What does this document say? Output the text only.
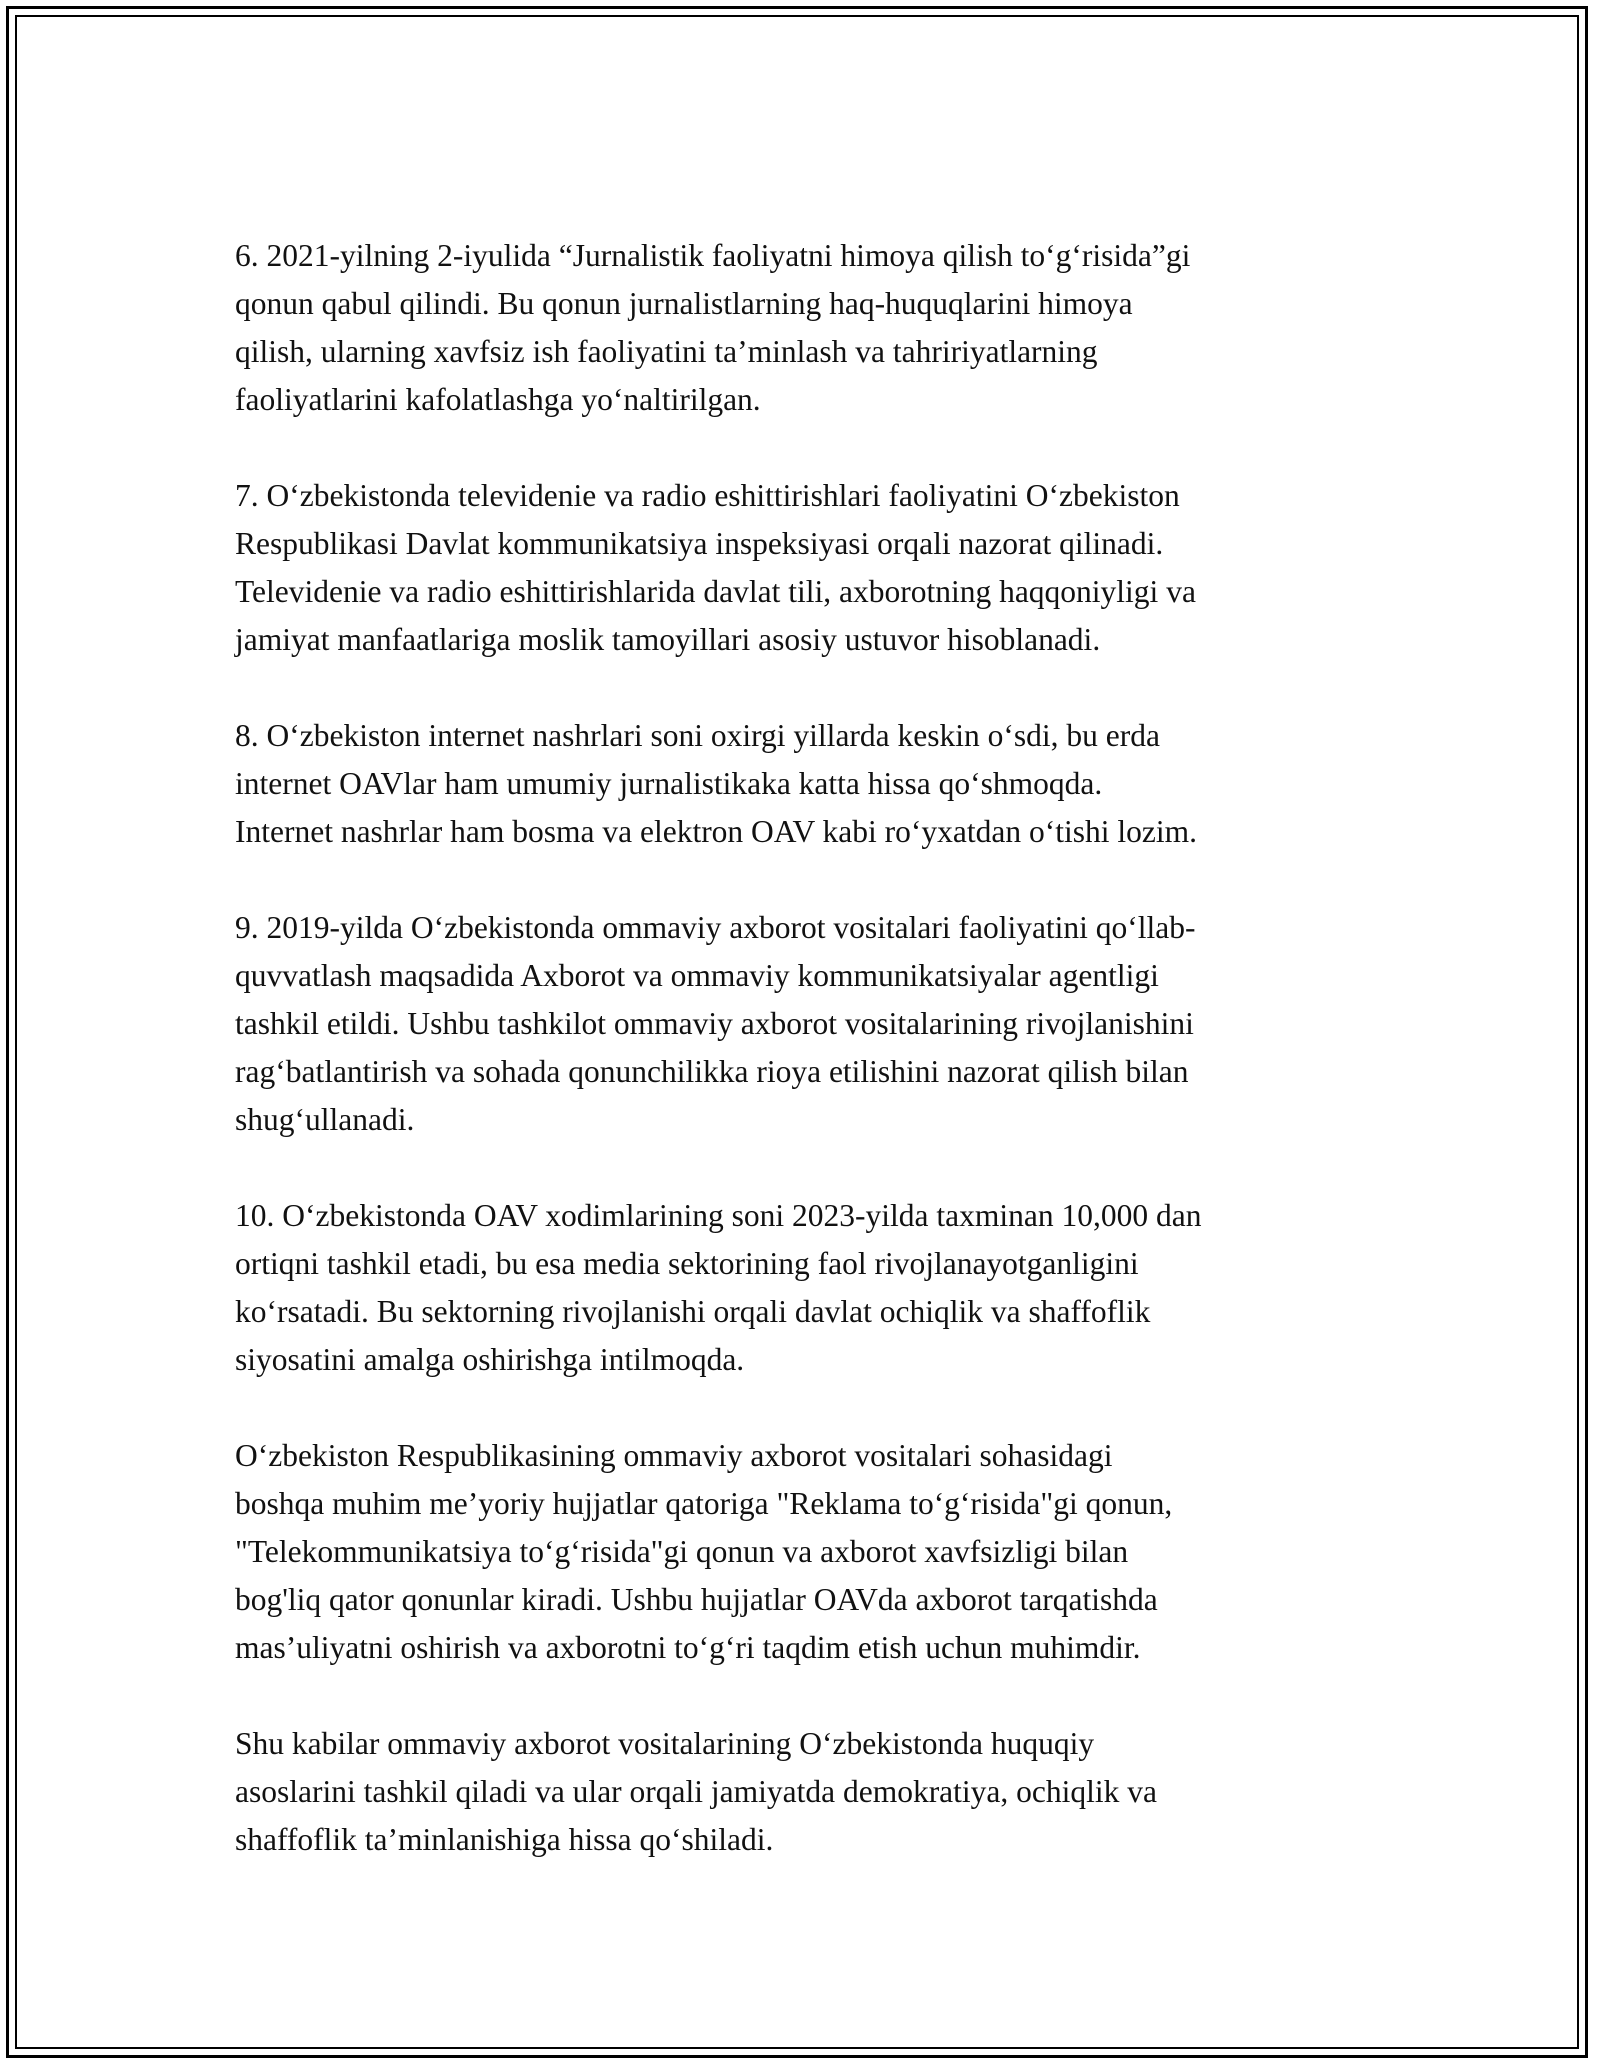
6. 2021-yilning 2-iyulida “Jurnalistik faoliyatni himoya qilish to‘g‘risida”gi
qonun qabul qilindi. Bu qonun jurnalistlarning haq-huquqlarini himoya
qilish, ularning xavfsiz ish faoliyatini ta’minlash va tahririyatlarning
faoliyatlarini kafolatlashga yo‘naltirilgan.

7. O‘zbekistonda televidenie va radio eshittirishlari faoliyatini O‘zbekiston
Respublikasi Davlat kommunikatsiya inspeksiyasi orqali nazorat qilinadi.
Televidenie va radio eshittirishlarida davlat tili, axborotning haqqoniyligi va
jamiyat manfaatlariga moslik tamoyillari asosiy ustuvor hisoblanadi.

8. O‘zbekiston internet nashrlari soni oxirgi yillarda keskin o‘sdi, bu erda
internet OAVlar ham umumiy jurnalistikaka katta hissa qo‘shmoqda.
Internet nashrlar ham bosma va elektron OAV kabi ro‘yxatdan o‘tishi lozim.

9. 2019-yilda O‘zbekistonda ommaviy axborot vositalari faoliyatini qo‘llab-
quvvatlash maqsadida Axborot va ommaviy kommunikatsiyalar agentligi
tashkil etildi. Ushbu tashkilot ommaviy axborot vositalarining rivojlanishini
rag‘batlantirish va sohada qonunchilikka rioya etilishini nazorat qilish bilan
shug‘ullanadi.

10. O‘zbekistonda OAV xodimlarining soni 2023-yilda taxminan 10,000 dan
ortiqni tashkil etadi, bu esa media sektorining faol rivojlanayotganligini
ko‘rsatadi. Bu sektorning rivojlanishi orqali davlat ochiqlik va shaffoflik
siyosatini amalga oshirishga intilmoqda.

O‘zbekiston Respublikasining ommaviy axborot vositalari sohasidagi
boshqa muhim me’yoriy hujjatlar qatoriga "Reklama to‘g‘risida"gi qonun,
"Telekommunikatsiya to‘g‘risida"gi qonun va axborot xavfsizligi bilan
bog'liq qator qonunlar kiradi. Ushbu hujjatlar OAVda axborot tarqatishda
mas’uliyatni oshirish va axborotni to‘g‘ri taqdim etish uchun muhimdir.

Shu kabilar ommaviy axborot vositalarining O‘zbekistonda huquqiy
asoslarini tashkil qiladi va ular orqali jamiyatda demokratiya, ochiqlik va
shaffoflik ta’minlanishiga hissa qo‘shiladi.
